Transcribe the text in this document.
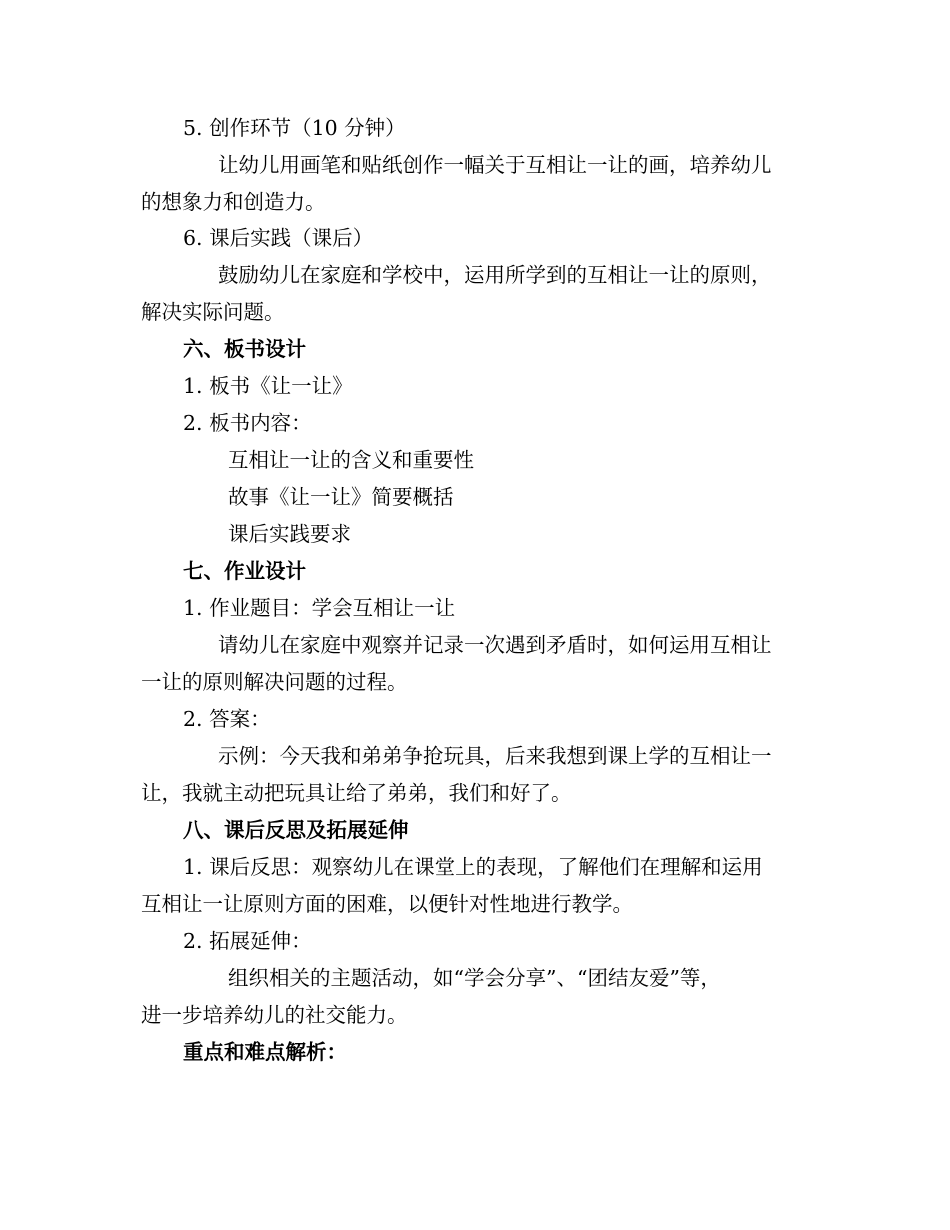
5. 创作环节（10 分钟）
让幼儿用画笔和贴纸创作一幅关于互相让一让的画，培养幼儿
的想象力和创造力。
6. 课后实践（课后）
鼓励幼儿在家庭和学校中，运用所学到的互相让一让的原则，
解决实际问题。
六、板书设计
1. 板书《让一让》
2. 板书内容：
互相让一让的含义和重要性
故事《让一让》简要概括
课后实践要求
七、作业设计
1. 作业题目：学会互相让一让
请幼儿在家庭中观察并记录一次遇到矛盾时，如何运用互相让
一让的原则解决问题的过程。
2. 答案：
示例：今天我和弟弟争抢玩具，后来我想到课上学的互相让一
让，我就主动把玩具让给了弟弟，我们和好了。
八、课后反思及拓展延伸
1. 课后反思：观察幼儿在课堂上的表现，了解他们在理解和运用
互相让一让原则方面的困难，以便针对性地进行教学。
2. 拓展延伸：
组织相关的主题活动，如“学会分享”、“团结友爱”等，
进一步培养幼儿的社交能力。
重点和难点解析：
